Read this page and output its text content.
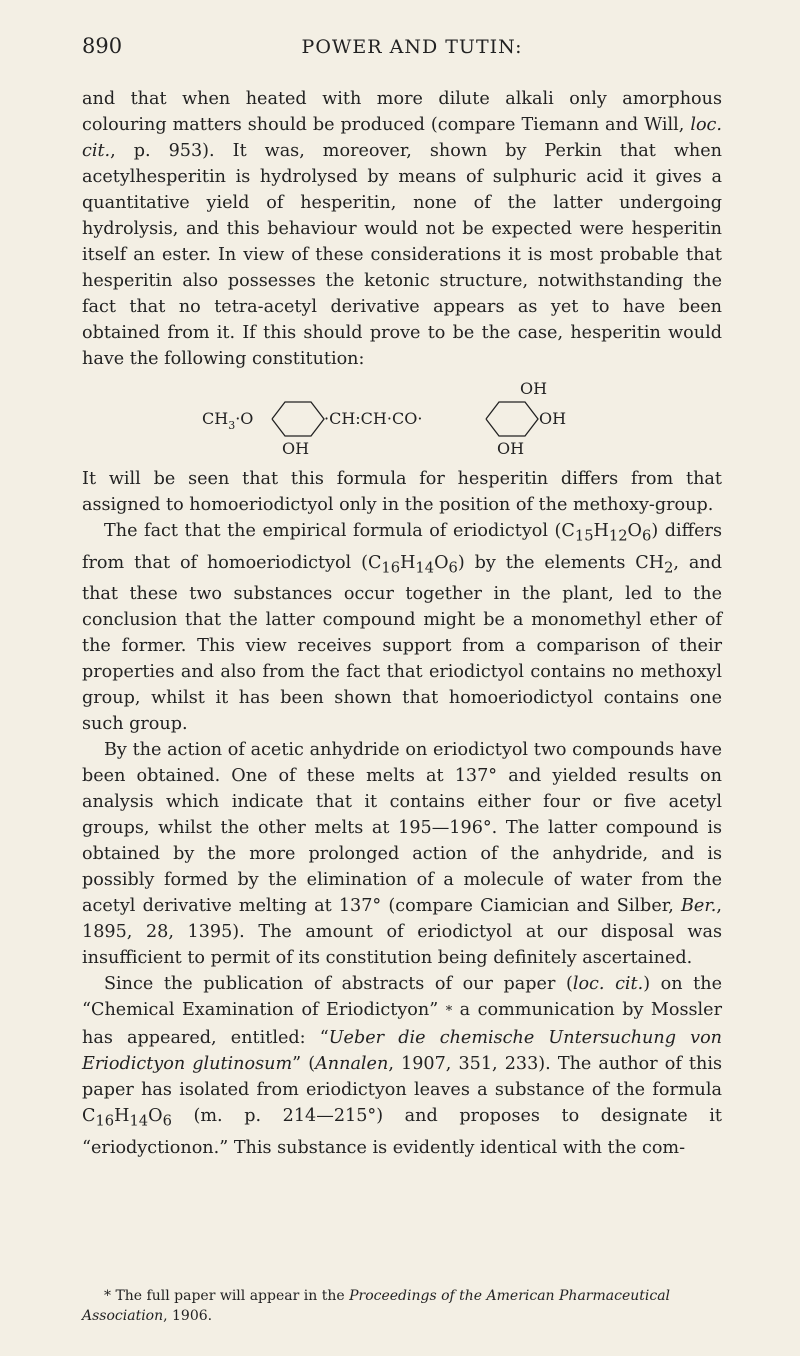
890	POWER AND TUTIN:

and that when heated with more dilute alkali only amorphous colouring matters should be produced (compare Tiemann and Will, loc. cit., p. 953). It was, moreover, shown by Perkin that when acetylhesperitin is hydrolysed by means of sulphuric acid it gives a quantitative yield of hesperitin, none of the latter undergoing hydrolysis, and this behaviour would not be expected were hesperitin itself an ester. In view of these considerations it is most probable that hesperitin also possesses the ketonic structure, notwithstanding the fact that no tetra-acetyl derivative appears as yet to have been obtained from it. If this should prove to be the case, hesperitin would have the following constitution:

OH
$CH_3\cdot O$	·CH:CH·CO·	OH
OH	OH

It will be seen that this formula for hesperitin differs from that assigned to homoeriodictyol only in the position of the methoxy-group.

The fact that the empirical formula of eriodictyol $(C_{15}H_{12}O_6)$ differs from that of homoeriodictyol $(C_{16}H_{14}O_6)$ by the elements $CH_2$, and that these two substances occur together in the plant, led to the conclusion that the latter compound might be a monomethyl ether of the former. This view receives support from a comparison of their properties and also from the fact that eriodictyol contains no methoxyl group, whilst it has been shown that homoeriodictyol contains one such group.

By the action of acetic anhydride on eriodictyol two compounds have been obtained. One of these melts at 137° and yielded results on analysis which indicate that it contains either four or five acetyl groups, whilst the other melts at 195—196°. The latter compound is obtained by the more prolonged action of the anhydride, and is possibly formed by the elimination of a molecule of water from the acetyl derivative melting at 137° (compare Ciamician and Silber, Ber., 1895, 28, 1395). The amount of eriodictyol at our disposal was insufficient to permit of its constitution being definitely ascertained.

Since the publication of abstracts of our paper (loc. cit.) on the “Chemical Examination of Eriodictyon” * a communication by Mossler has appeared, entitled: “Ueber die chemische Untersuchung von Eriodictyon glutinosum” (Annalen, 1907, 351, 233). The author of this paper has isolated from eriodictyon leaves a substance of the formula $C_{16}H_{14}O_6$ (m. p. 214—215°) and proposes to designate it “eriodyctionon.” This substance is evidently identical with the com-

* The full paper will appear in the Proceedings of the American Pharmaceutical Association, 1906.
